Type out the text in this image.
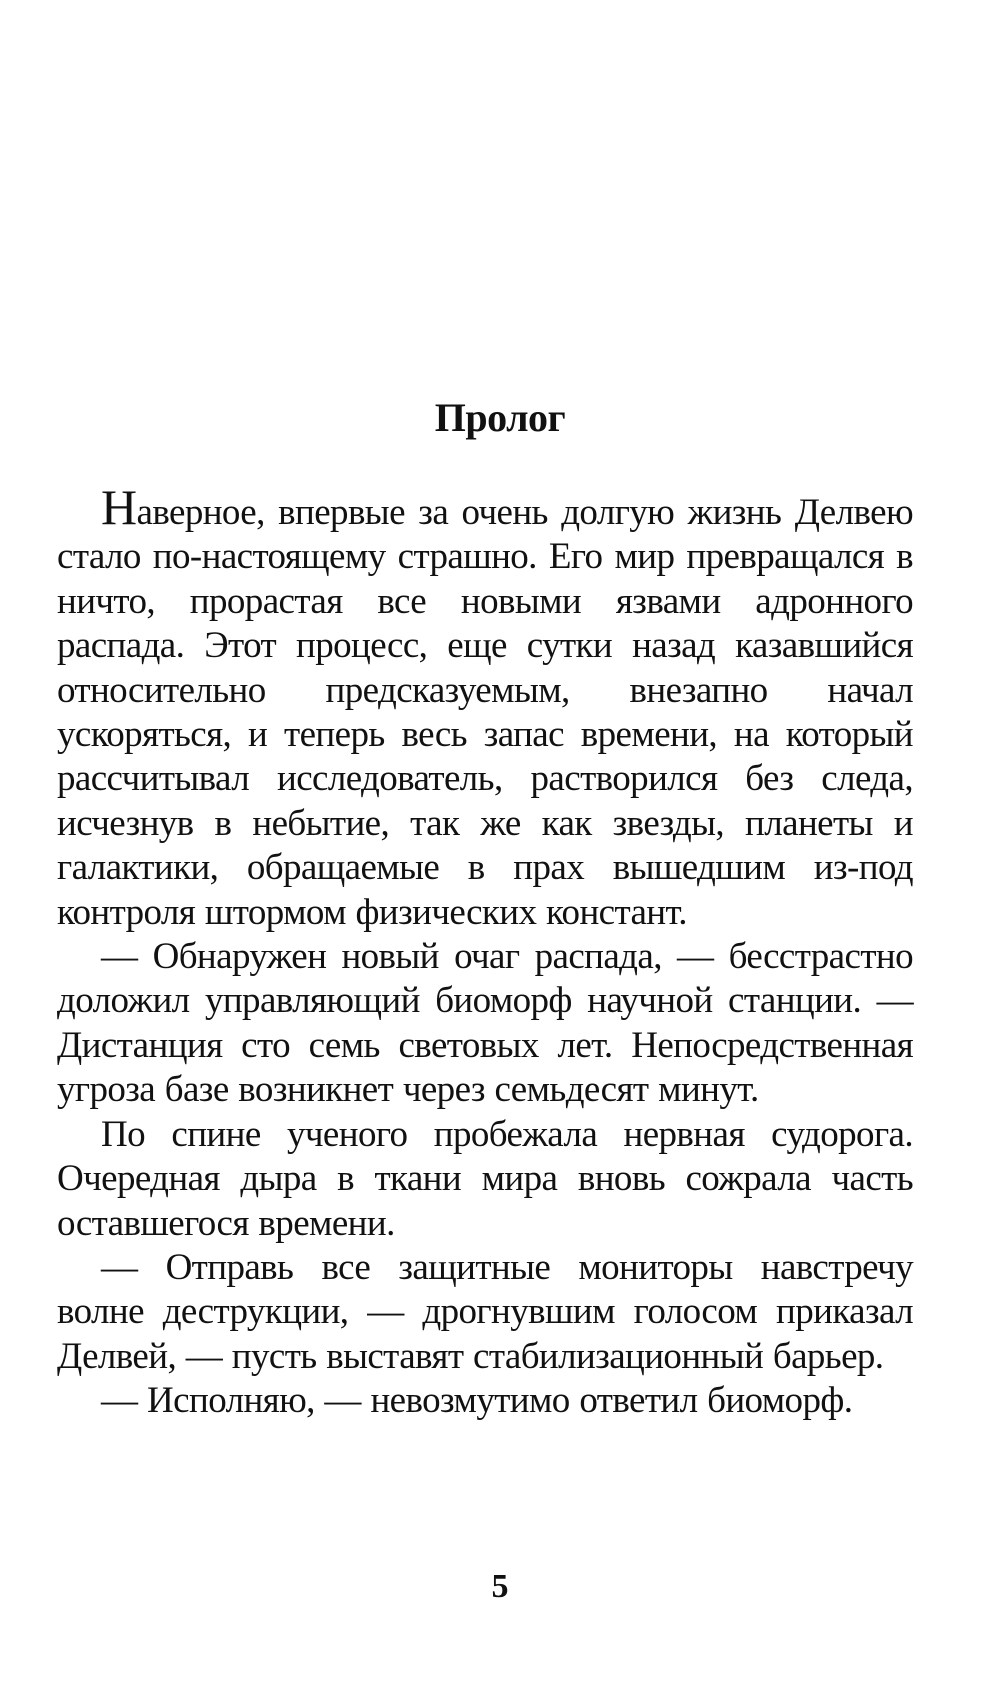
Пролог

Наверное, впервые за очень долгую жизнь Делвею стало по-настоящему страшно. Его мир превращался в ничто, прорастая все новыми язвами адронного распада. Этот процесс, еще сутки назад казавшийся относительно предсказуемым, внезапно начал ускоряться, и теперь весь запас времени, на который рассчитывал исследователь, растворился без следа, исчезнув в небытие, так же как звезды, планеты и галактики, обращаемые в прах вышедшим из-под контроля штормом физических констант.

— Обнаружен новый очаг распада, — бесстрастно доложил управляющий биоморф научной станции. — Дистанция сто семь световых лет. Непосредственная угроза базе возникнет через семьдесят минут.

По спине ученого пробежала нервная судорога. Очередная дыра в ткани мира вновь сожрала часть оставшегося времени.

— Отправь все защитные мониторы навстречу волне деструкции, — дрогнувшим голосом приказал Делвей, — пусть выставят стабилизационный барьер.

— Исполняю, — невозмутимо ответил биоморф.

5
